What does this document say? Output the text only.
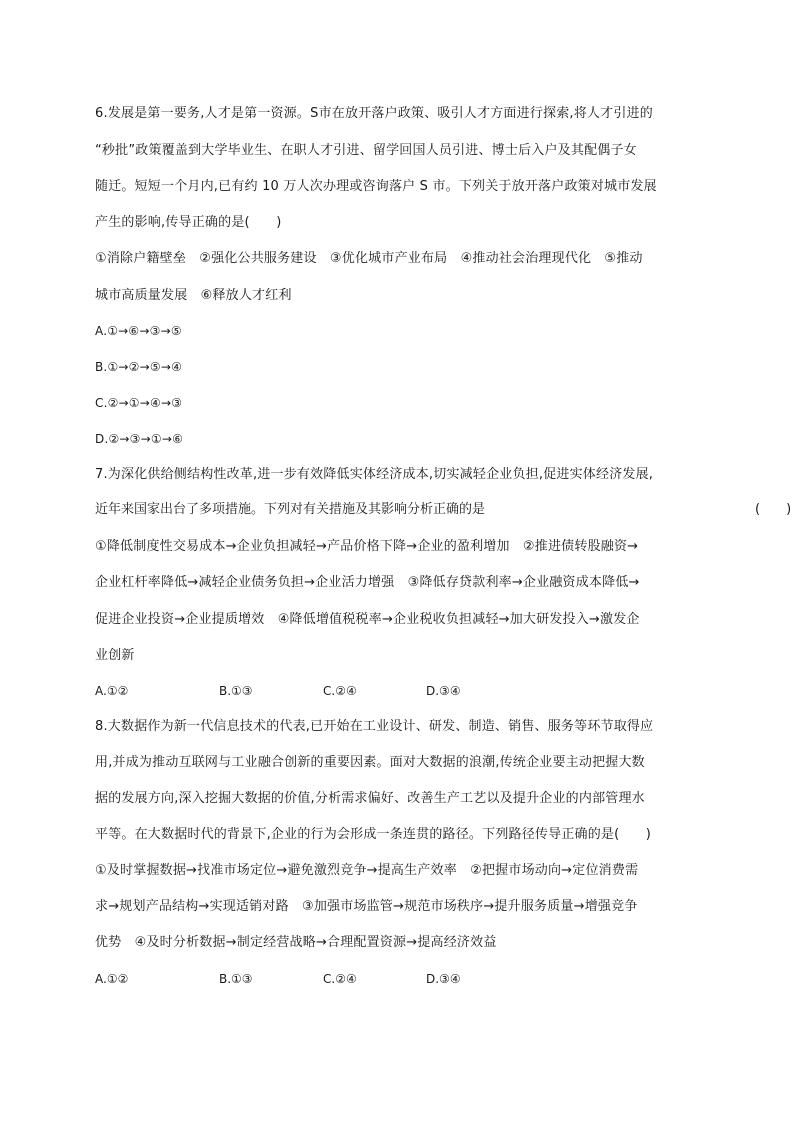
6.发展是第一要务,人才是第一资源。S市在放开落户政策、吸引人才方面进行探索,将人才引进的
“秒批”政策覆盖到大学毕业生、在职人才引进、留学回国人员引进、博士后入户及其配偶子女
随迁。短短一个月内,已有约 10 万人次办理或咨询落户 S 市。下列关于放开落户政策对城市发展
产生的影响,传导正确的是(　　)
①消除户籍壁垒　②强化公共服务建设　③优化城市产业布局　④推动社会治理现代化　⑤推动
城市高质量发展　⑥释放人才红利
A.①→⑥→③→⑤
B.①→②→⑤→④
C.②→①→④→③
D.②→③→①→⑥
7.为深化供给侧结构性改革,进一步有效降低实体经济成本,切实减轻企业负担,促进实体经济发展,
近年来国家出台了多项措施。下列对有关措施及其影响分析正确的是	(　　)
①降低制度性交易成本→企业负担减轻→产品价格下降→企业的盈利增加　②推进债转股融资→
企业杠杆率降低→减轻企业债务负担→企业活力增强　③降低存贷款利率→企业融资成本降低→
促进企业投资→企业提质增效　④降低增值税税率→企业税收负担减轻→加大研发投入→激发企
业创新
A.①②	B.①③	C.②④	D.③④
8.大数据作为新一代信息技术的代表,已开始在工业设计、研发、制造、销售、服务等环节取得应
用,并成为推动互联网与工业融合创新的重要因素。面对大数据的浪潮,传统企业要主动把握大数
据的发展方向,深入挖掘大数据的价值,分析需求偏好、改善生产工艺以及提升企业的内部管理水
平等。在大数据时代的背景下,企业的行为会形成一条连贯的路径。下列路径传导正确的是(　　)
①及时掌握数据→找准市场定位→避免激烈竞争→提高生产效率　②把握市场动向→定位消费需
求→规划产品结构→实现适销对路　③加强市场监管→规范市场秩序→提升服务质量→增强竞争
优势　④及时分析数据→制定经营战略→合理配置资源→提高经济效益
A.①②	B.①③	C.②④	D.③④
